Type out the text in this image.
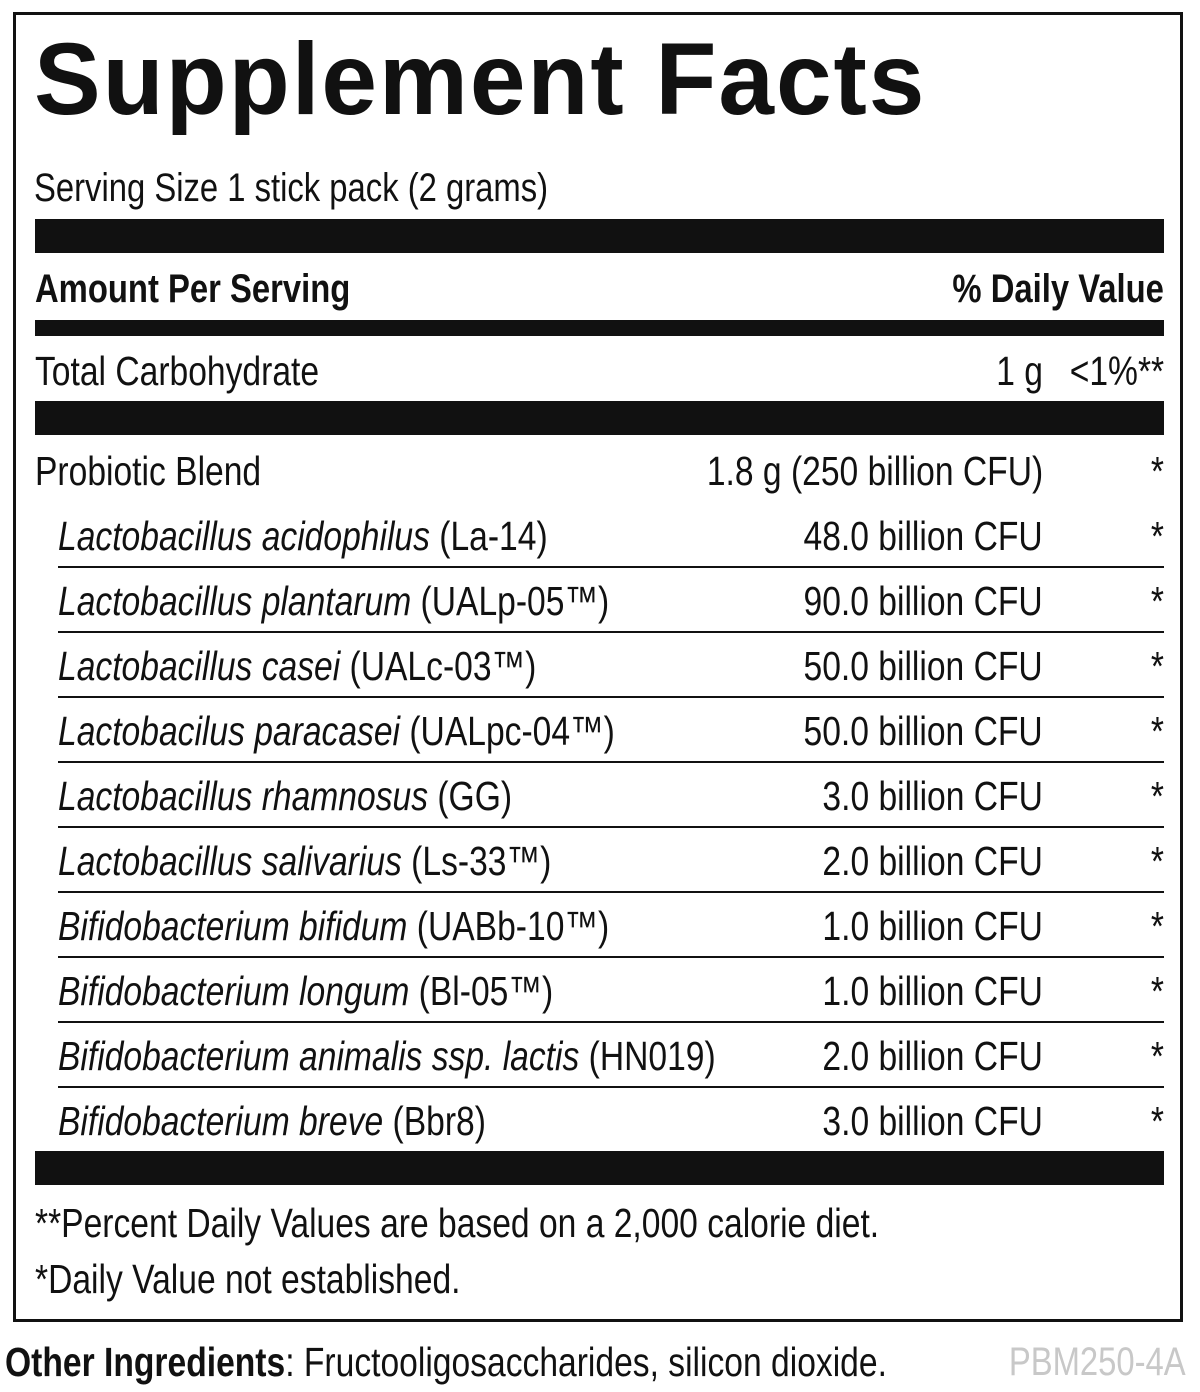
Supplement Facts
Serving Size 1 stick pack (2 grams)
Amount Per Serving	% Daily Value
Total Carbohydrate	1 g <1%**
Probiotic Blend	1.8 g (250 billion CFU)	*
Lactobacillus acidophilus (La-14)	48.0 billion CFU	*
Lactobacillus plantarum (UALp-05™)	90.0 billion CFU	*
Lactobacillus casei (UALc-03™)	50.0 billion CFU	*
Lactobacilus paracasei (UALpc-04™)	50.0 billion CFU	*
Lactobacillus rhamnosus (GG)	3.0 billion CFU	*
Lactobacillus salivarius (Ls-33™)	2.0 billion CFU	*
Bifidobacterium bifidum (UABb-10™)	1.0 billion CFU	*
Bifidobacterium longum (Bl-05™)	1.0 billion CFU	*
Bifidobacterium animalis ssp. lactis (HN019)	2.0 billion CFU	*
Bifidobacterium breve (Bbr8)	3.0 billion CFU	*
**Percent Daily Values are based on a 2,000 calorie diet.
*Daily Value not established.
Other Ingredients: Fructooligosaccharides, silicon dioxide.	PBM250-4A
